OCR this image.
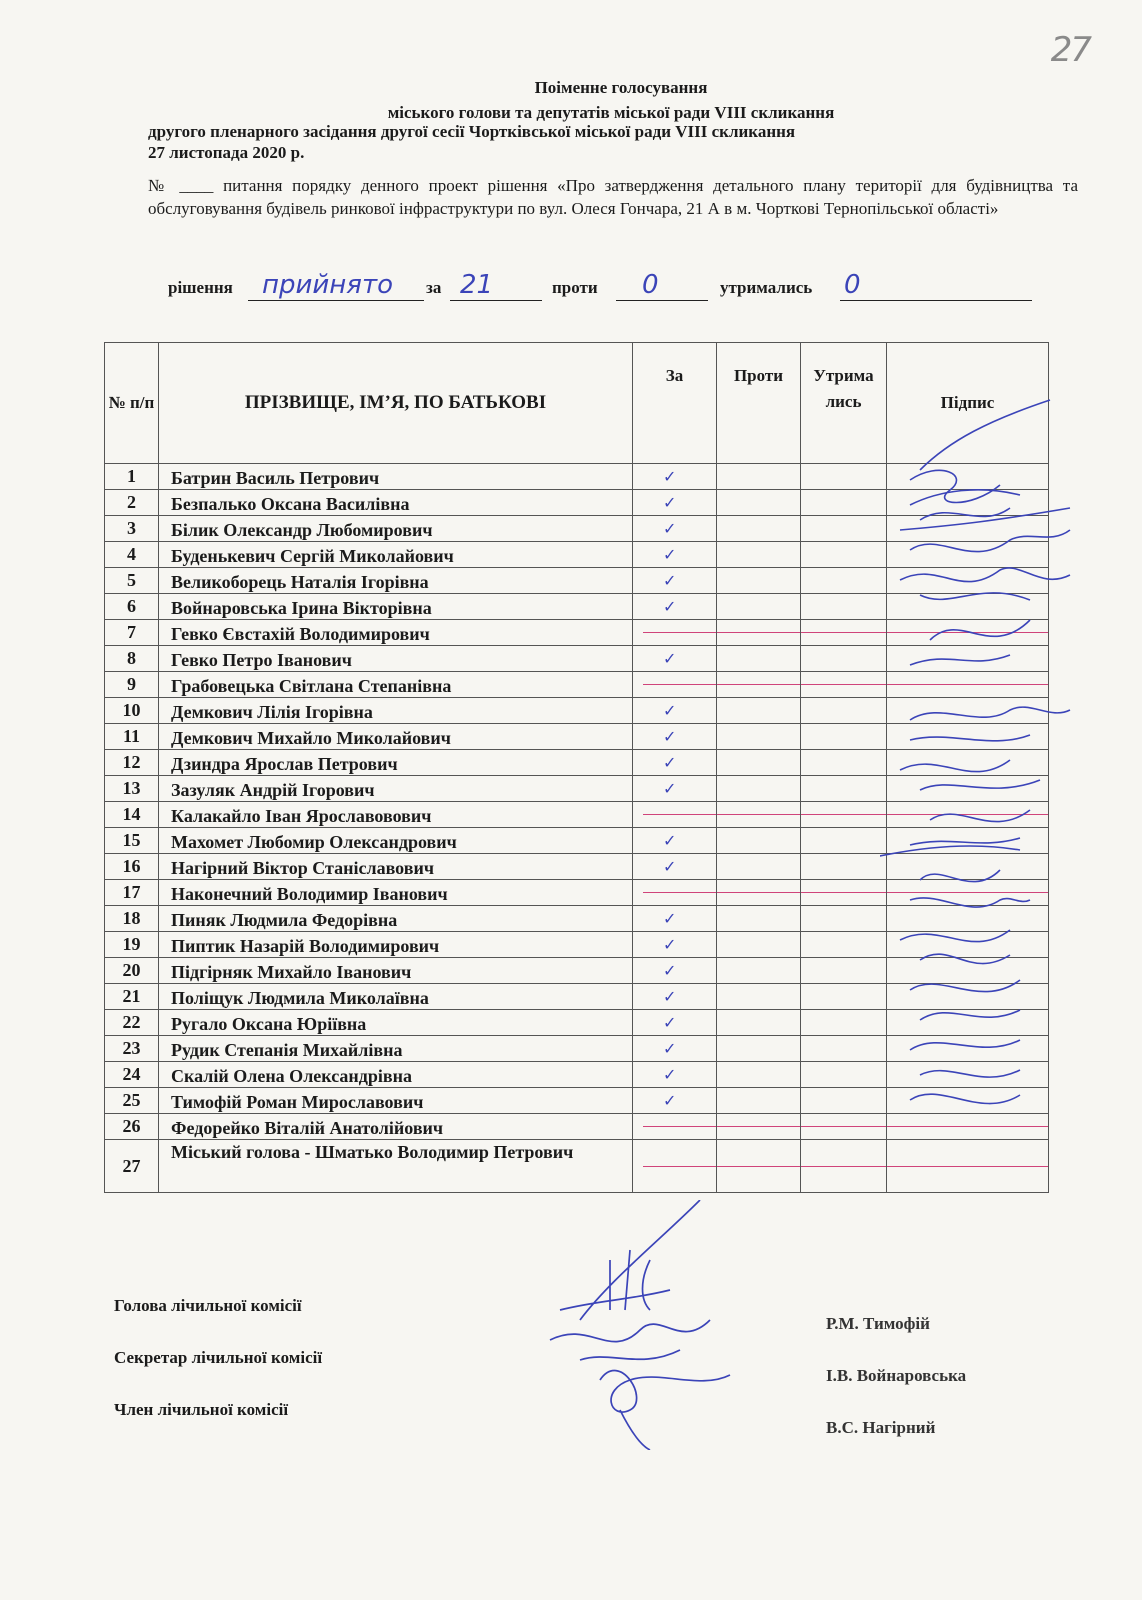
27
Поіменне голосування
міського голови та депутатів міської ради VIII скликання
другого пленарного засідання другої сесії Чортківської міської ради VIII скликання
27 листопада 2020 р.
№ ____ питання порядку денного проект рішення «Про затвердження детального плану території для будівництва та обслуговування будівель ринкової інфраструктури по вул. Олеся Гончара, 21 А в м. Чорткові Тернопільської області»
рішення прийнято за 21	проти 0	утримались 0
№ п/п	ПРІЗВИЩЕ, ІМ’Я, ПО БАТЬКОВІ	За	Проти	Утримались	Підпис
1	Батрин Василь Петрович	✓			
2	Безпалько Оксана Василівна	✓			
3	Білик Олександр Любомирович	✓			
4	Буденькевич Сергій Миколайович	✓			
5	Великоборець Наталія Ігорівна	✓			
6	Войнаровська Ірина Вікторівна	✓			
7	Гевко Євстахій Володимирович	

8	Гевко Петро Іванович	✓			
9	Грабовецька Світлана Степанівна	

10	Демкович Лілія Ігорівна	✓			
11	Демкович Михайло Миколайович	✓			
12	Дзиндра Ярослав Петрович	✓			
13	Зазуляк Андрій Ігорович	✓			
14	Калакайло Іван Ярославовович	

15	Махомет Любомир Олександрович	✓			
16	Нагірний Віктор Станіславович	✓			
17	Наконечний Володимир Іванович	

18	Пиняк Людмила Федорівна	✓			
19	Пиптик Назарій Володимирович	✓			
20	Підгірняк Михайло Іванович	✓			
21	Поліщук Людмила Миколаївна	✓			
22	Ругало Оксана Юріївна	✓			
23	Рудик Степанія Михайлівна	✓			
24	Скалій Олена Олександрівна	✓			
25	Тимофій Роман Мирославович	✓			
26	Федорейко Віталій Анатолійович	

27	Міський голова - Шматько Володимир Петрович	

Голова лічильної комісії
Секретар лічильної комісії
Член лічильної комісії
Р.М. Тимофій
І.В. Войнаровська
В.С. Нагірний
